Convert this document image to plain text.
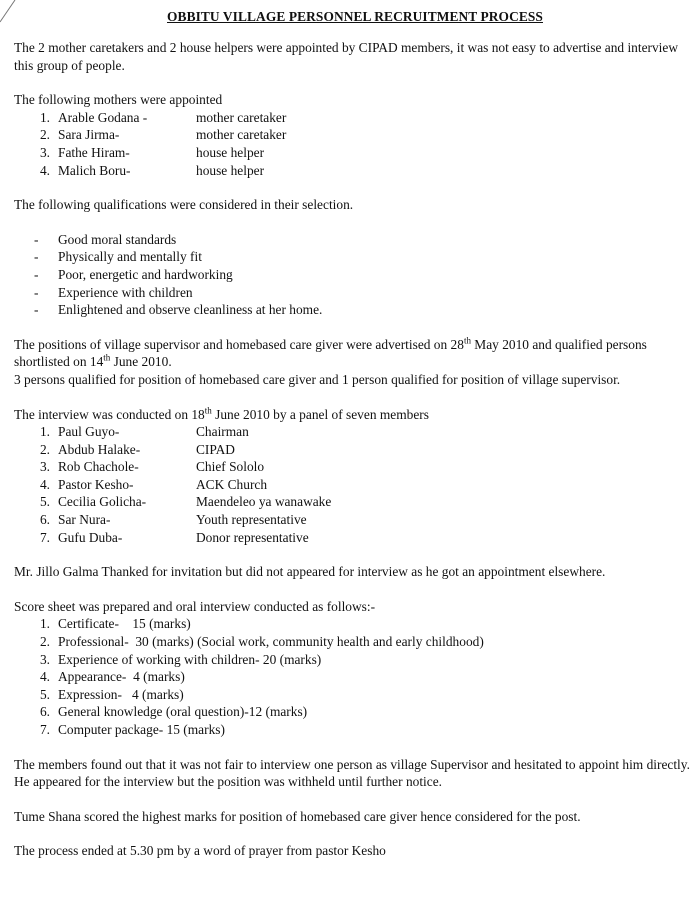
OBBITU VILLAGE PERSONNEL RECRUITMENT PROCESS

The 2 mother caretakers and 2 house helpers were appointed by CIPAD members, it was not easy to advertise and interview this group of people.

The following mothers were appointed

1. Arable Godana -	mother caretaker
2. Sara Jirma-	mother caretaker
3. Fathe Hiram-	house helper
4. Malich Boru-	house helper

The following qualifications were considered in their selection.

-	Good moral standards
-	Physically and mentally fit
-	Poor, energetic and hardworking
-	Experience with children
-	Enlightened and observe cleanliness at her home.

The positions of village supervisor and homebased care giver were advertised on 28th May 2010 and qualified persons shortlisted on 14th June 2010.

3 persons qualified for position of homebased care giver and 1 person qualified for position of village supervisor.

The interview was conducted on 18th June 2010 by a panel of seven members

1. Paul Guyo-	Chairman
2. Abdub Halake-	CIPAD
3. Rob Chachole-	Chief Sololo
4. Pastor Kesho-	ACK Church
5. Cecilia Golicha-	Maendeleo ya wanawake
6. Sar Nura-	Youth representative
7. Gufu Duba-	Donor representative

Mr. Jillo Galma Thanked for invitation but did not appeared for interview as he got an appointment elsewhere.

Score sheet was prepared and oral interview conducted as follows:-

1. Certificate-    15 (marks)
2. Professional-  30 (marks) (Social work, community health and early childhood)
3. Experience of working with children- 20 (marks)
4. Appearance-  4 (marks)
5. Expression-   4 (marks)
6. General knowledge (oral question)-12 (marks)
7. Computer package- 15 (marks)

The members found out that it was not fair to interview one person as village Supervisor and hesitated to appoint him directly. He appeared for the interview but the position was withheld until further notice.

Tume Shana scored the highest marks for position of homebased care giver hence considered for the post.

The process ended at 5.30 pm by a word of prayer from pastor Kesho
